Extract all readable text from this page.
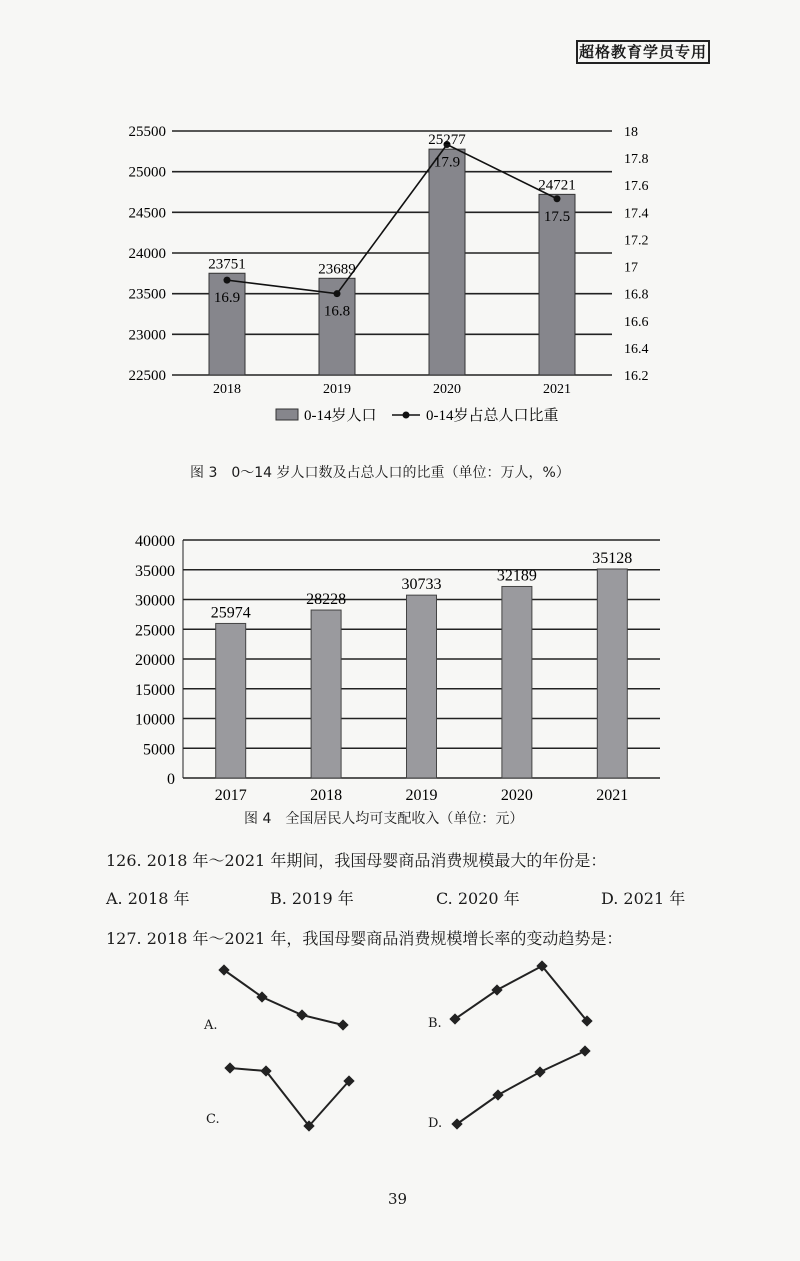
超格教育学员专用
23751	23689
25277
24721
16.9
16.8
17.9
17.5
22500
23000
23500
24000
24500
25000
25500
16.2
16.4
16.6
16.8
17
17.2
17.4
17.6
17.8
18
2018	2019	2020	2021
0-14岁人口	0-14岁占总人口比重
图 3　0～14 岁人口数及占总人口的比重（单位：万人，%）
25974
28228
30733
32189
35128
0
5000
10000
15000
20000
25000
30000
35000
40000
2017	2018	2019	2020	2021
图 4　全国居民人均可支配收入（单位：元）
126. 2018 年～2021 年期间，我国母婴商品消费规模最大的年份是：
A. 2018 年	B. 2019 年	C. 2020 年	D. 2021 年
127. 2018 年～2021 年，我国母婴商品消费规模增长率的变动趋势是：
A.	B.
C.	D.
39
